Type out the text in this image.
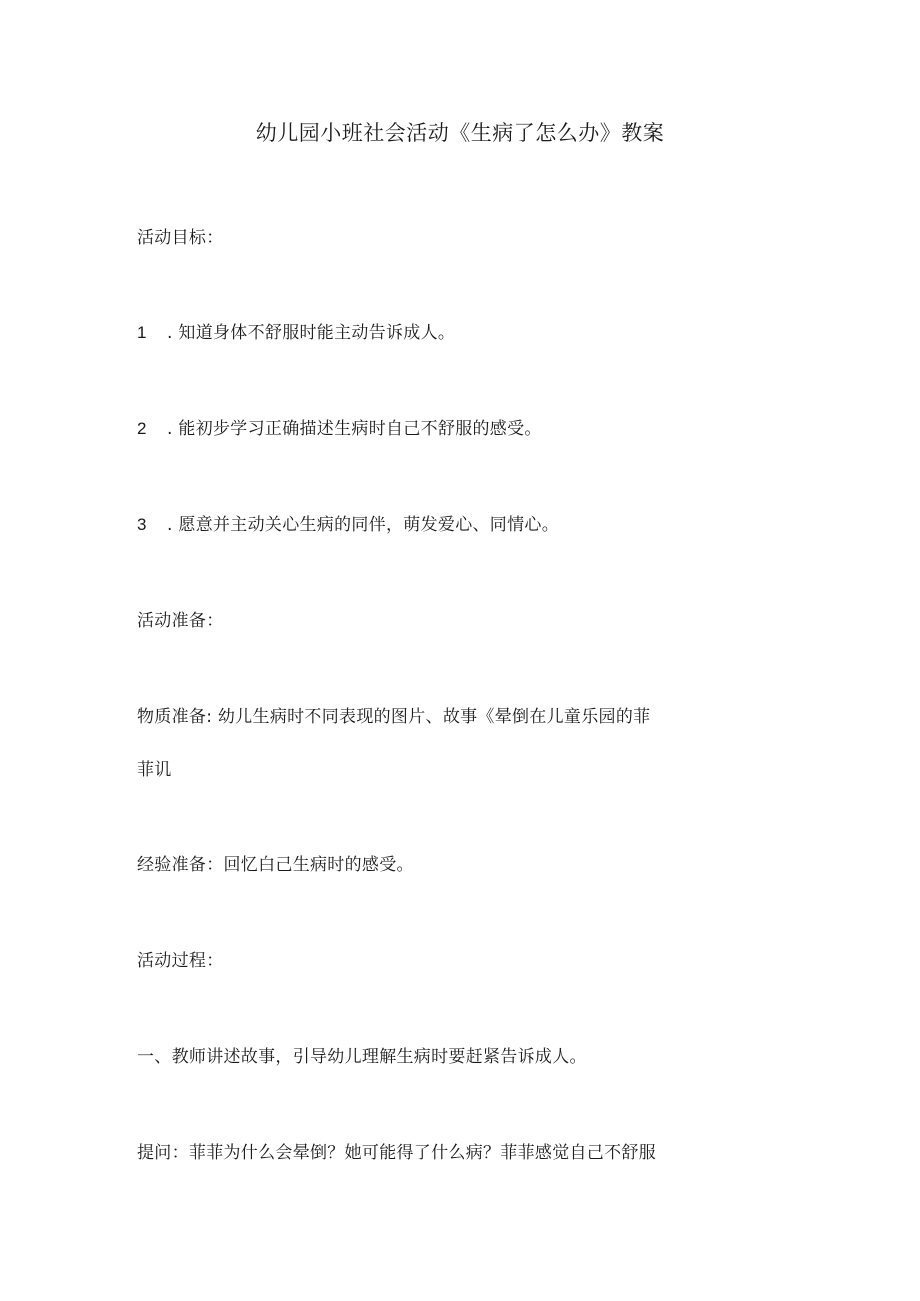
幼儿园小班社会活动《生病了怎么办》教案
活动目标：
1 . 知道身体不舒服时能主动告诉成人。
2 . 能初步学习正确描述生病时自己不舒服的感受。
3 . 愿意并主动关心生病的同伴，萌发爱心、同情心。
活动准备：
物质准备: 幼儿生病时不同表现的图片、故事《晕倒在儿童乐园的菲
菲讥
经验准备：回忆白己生病时的感受。
活动过程：
一、教师讲述故事，引导幼儿理解生病时要赶紧告诉成人。
提问：菲菲为什么会晕倒？她可能得了什么病？菲菲感觉自己不舒服
